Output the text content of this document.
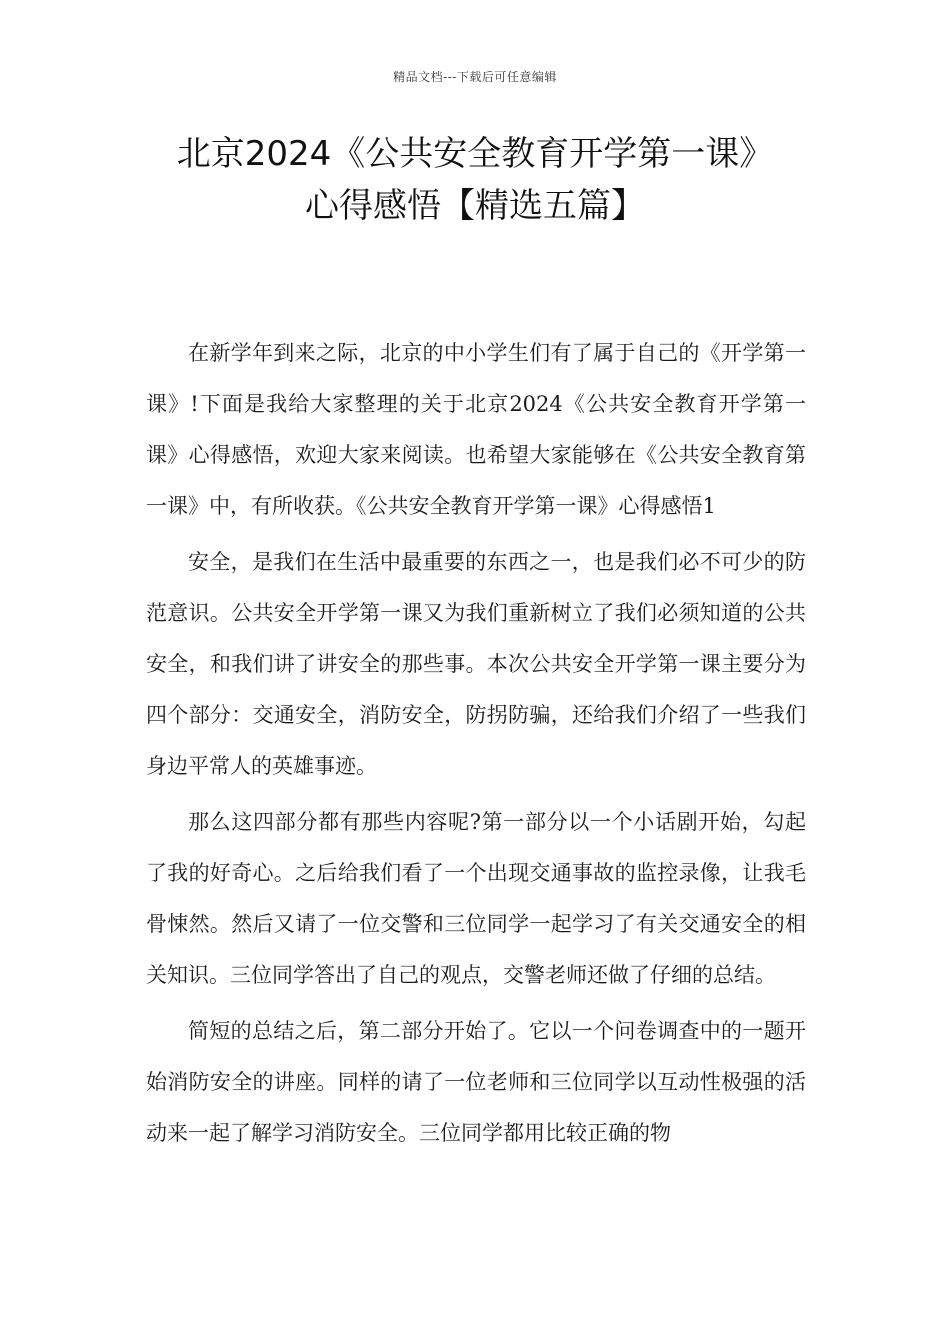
精品文档---下载后可任意编辑
北京2024《公共安全教育开学第一课》
心得感悟【精选五篇】

在新学年到来之际，北京的中小学生们有了属于自己的《开学第一课》!下面是我给大家整理的关于北京2024《公共安全教育开学第一课》心得感悟，欢迎大家来阅读。也希望大家能够在《公共安全教育第一课》中，有所收获。《公共安全教育开学第一课》心得感悟1

安全，是我们在生活中最重要的东西之一，也是我们必不可少的防范意识。公共安全开学第一课又为我们重新树立了我们必须知道的公共安全，和我们讲了讲安全的那些事。本次公共安全开学第一课主要分为四个部分：交通安全，消防安全，防拐防骗，还给我们介绍了一些我们身边平常人的英雄事迹。

那么这四部分都有那些内容呢?第一部分以一个小话剧开始，勾起了我的好奇心。之后给我们看了一个出现交通事故的监控录像，让我毛骨悚然。然后又请了一位交警和三位同学一起学习了有关交通安全的相关知识。三位同学答出了自己的观点，交警老师还做了仔细的总结。

简短的总结之后，第二部分开始了。它以一个问卷调查中的一题开始消防安全的讲座。同样的请了一位老师和三位同学以互动性极强的活动来一起了解学习消防安全。三位同学都用比较正确的物
